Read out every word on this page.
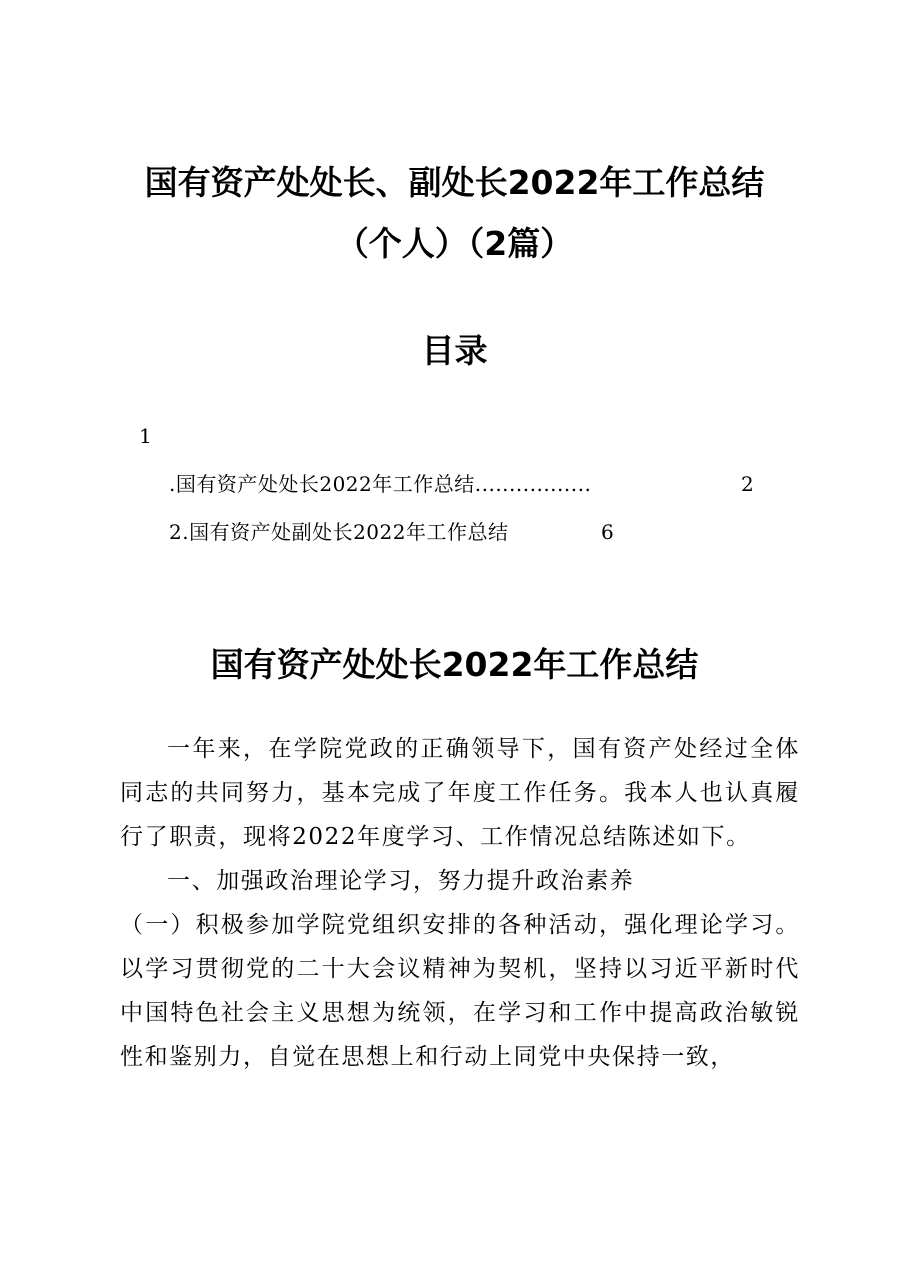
国有资产处处长、副处长2022年工作总结
（个人）（2篇）
目录
1
.国有资产处处长2022年工作总结.................	2
2.国有资产处副处长2022年工作总结	6
国有资产处处长2022年工作总结
一年来，在学院党政的正确领导下，国有资产处经过全体同志的共同努力，基本完成了年度工作任务。我本人也认真履行了职责，现将2022年度学习、工作情况总结陈述如下。
一、加强政治理论学习，努力提升政治素养
（一）积极参加学院党组织安排的各种活动，强化理论学习。以学习贯彻党的二十大会议精神为契机，坚持以习近平新时代中国特色社会主义思想为统领，在学习和工作中提高政治敏锐性和鉴别力，自觉在思想上和行动上同党中央保持一致，
